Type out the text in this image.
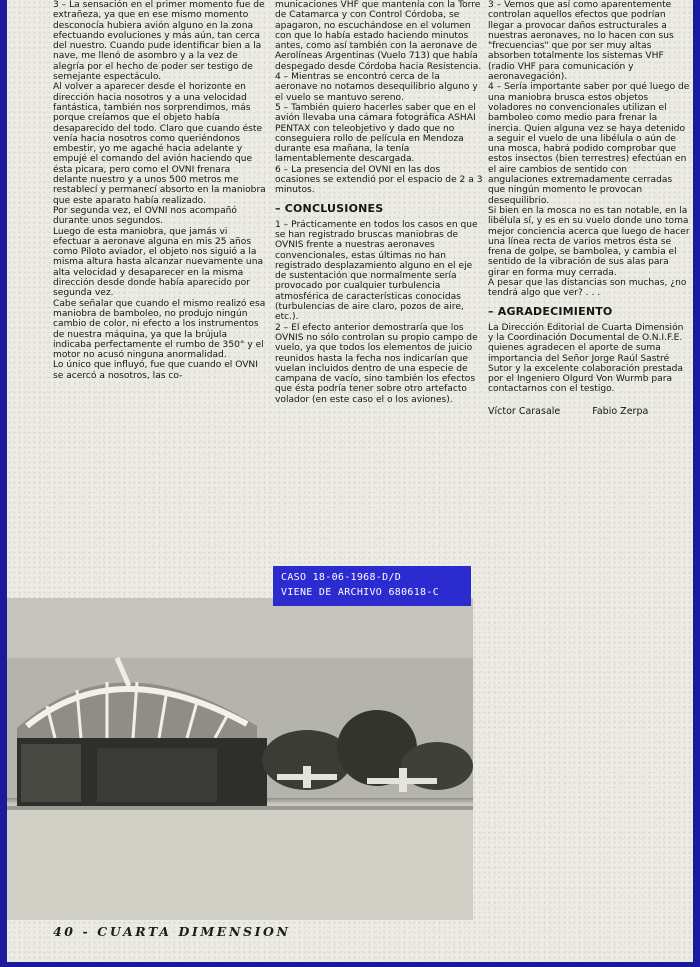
3 – La sensación en el primer momento fue de extrañeza, ya que en ese mismo momento desconocía hubiera avión alguno en la zona efectuando evoluciones y más aún, tan cerca del nuestro. Cuando pude identificar bien a la nave, me llenó de asombro y a la vez de alegría por el hecho de poder ser testigo de semejante espectáculo.

Al volver a aparecer desde el horizonte en dirección hacia nosotros y a una velocidad fantástica, también nos sorprendimos, más porque creíamos que el objeto había desaparecido del todo. Claro que cuando éste venía hacia nosotros como queriéndonos embestir, yo me agaché hacia adelante y empujé el comando del avión haciendo que ésta picara, pero como el OVNI frenara delante nuestro y a unos 500 metros me restablecí y permanecí absorto en la maniobra que este aparato había realizado.

Por segunda vez, el OVNI nos acompañó durante unos segundos.

Luego de esta maniobra, que jamás vi efectuar a aeronave alguna en mis 25 años como Piloto aviador, el objeto nos siguió a la misma altura hasta alcanzar nuevamente una alta velocidad y desaparecer en la misma dirección desde donde había aparecido por segunda vez.

Cabe señalar que cuando el mismo realizó esa maniobra de bamboleo, no produjo ningún cambio de color, ni efecto a los instrumentos de nuestra máquina, ya que la brújula indicaba perfectamente el rumbo de 350° y el motor no acusó ninguna anormalidad.

Lo único que influyó, fue que cuando el OVNI se acercó a nosotros, las co-

municaciones VHF que mantenía con la Torre de Catamarca y con Control Córdoba, se apagaron, no escuchándose en el volumen con que lo había estado haciendo minutos antes, como así también con la aeronave de Aerolíneas Argentinas (Vuelo 713) que había despegado desde Córdoba hacia Resistencia.

4 – Mientras se encontró cerca de la aeronave no notamos desequilibrio alguno y el vuelo se mantuvo sereno.

5 – También quiero hacerles saber que en el avión llevaba una cámara fotográfica ASHAI PENTAX con teleobjetivo y dado que no conseguiera rollo de película en Mendoza durante esa mañana, la tenía lamentablemente descargada.

6 – La presencia del OVNI en las dos ocasiones se extendió por el espacio de 2 a 3 minutos.

– CONCLUSIONES

1 – Prácticamente en todos los casos en que se han registrado bruscas maniobras de OVNIS frente a nuestras aeronaves convencionales, estas últimas no han registrado desplazamiento alguno en el eje de sustentación que normalmente sería provocado por cualquier turbulencia atmosférica de características conocidas (turbulencias de aire claro, pozos de aire, etc.).

2 – El efecto anterior demostraría que los OVNIS no sólo controlan su propio campo de vuelo, ya que todos los elementos de juicio reunidos hasta la fecha nos indicarían que vuelan incluidos dentro de una especie de campana de vacío, sino también los efectos que ésta podría tener sobre otro artefacto volador (en este caso el o los aviones).

3 – Vemos que así como aparentemente controlan aquellos efectos que podrían llegar a provocar daños estructurales a nuestras aeronaves, no lo hacen con sus "frecuencias" que por ser muy altas absorben totalmente los sistemas VHF (radio VHF para comunicación y aeronavegación).

4 – Sería importante saber por qué luego de una maniobra brusca estos objetos voladores no convencionales utilizan el bamboleo como medio para frenar la inercia. Quien alguna vez se haya detenido a seguir el vuelo de una libélula o aún de una mosca, habrá podido comprobar que estos insectos (bien terrestres) efectúan en el aire cambios de sentido con angulaciones extremadamente cerradas que ningún momento le provocan desequilibrio.

Si bien en la mosca no es tan notable, en la libélula sí, y es en su vuelo donde uno toma mejor conciencia acerca que luego de hacer una línea recta de varios metros ésta se frena de golpe, se bambolea, y cambia el sentido de la vibración de sus alas para girar en forma muy cerrada.

A pesar que las distancias son muchas, ¿no tendrá algo que ver? . . .

– AGRADECIMIENTO

La Dirección Editorial de Cuarta Dimensión y la Coordinación Documental de O.N.I.F.E. quienes agradecen el aporte de suma importancia del Señor Jorge Raúl Sastré Sutor y la excelente colaboración prestada por el Ingeniero Olgurd Von Wurmb para contactarnos con el testigo.

Víctor Carasale	Fabio Zerpa
40 - CUARTA DIMENSION
CASO 18-06-1968-D/D
VIENE DE ARCHIVO 680618-C
